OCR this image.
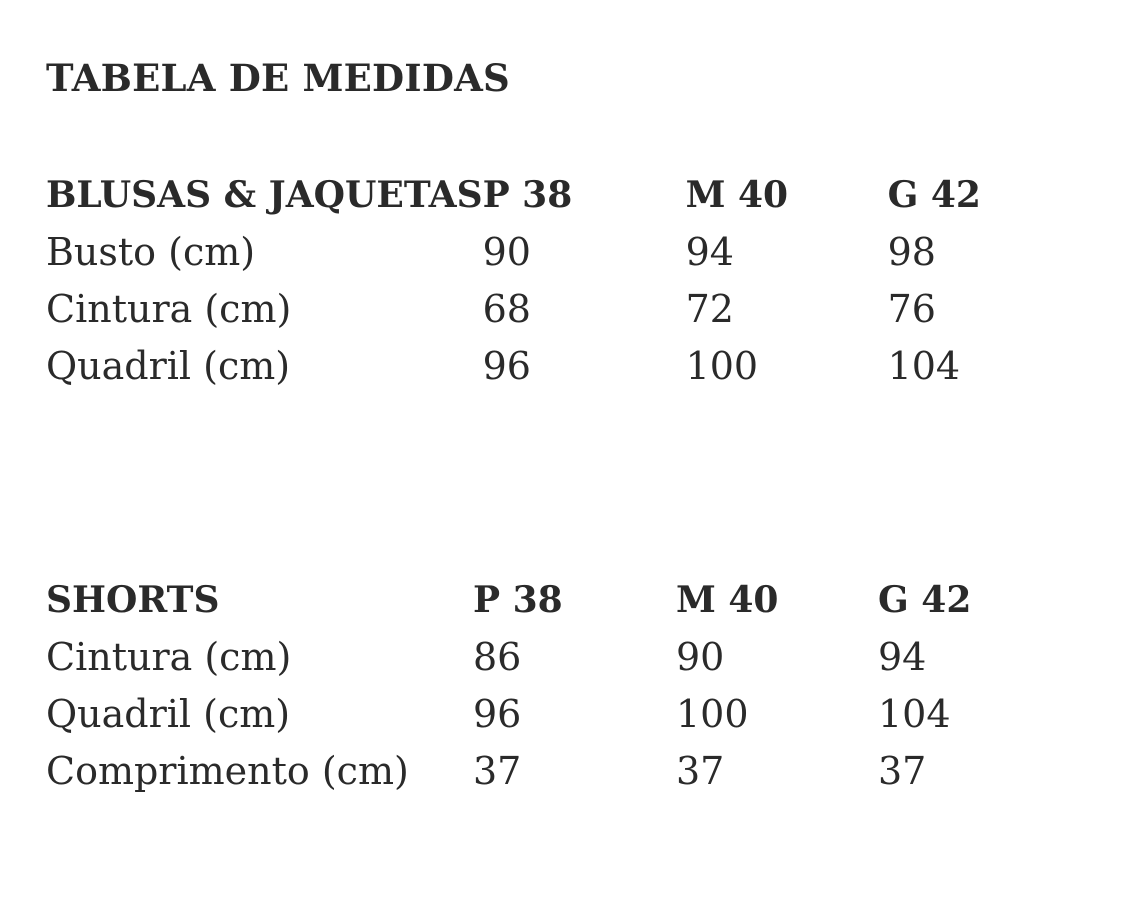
TABELA DE MEDIDAS
BLUSAS & JAQUETAS	P 38	M 40	G 42
Busto (cm)	90	94	98
Cintura (cm)	68	72	76
Quadril (cm)	96	100	104
SHORTS	P 38	M 40	G 42
Cintura (cm)	86	90	94
Quadril (cm)	96	100	104
Comprimento (cm)	37	37	37
